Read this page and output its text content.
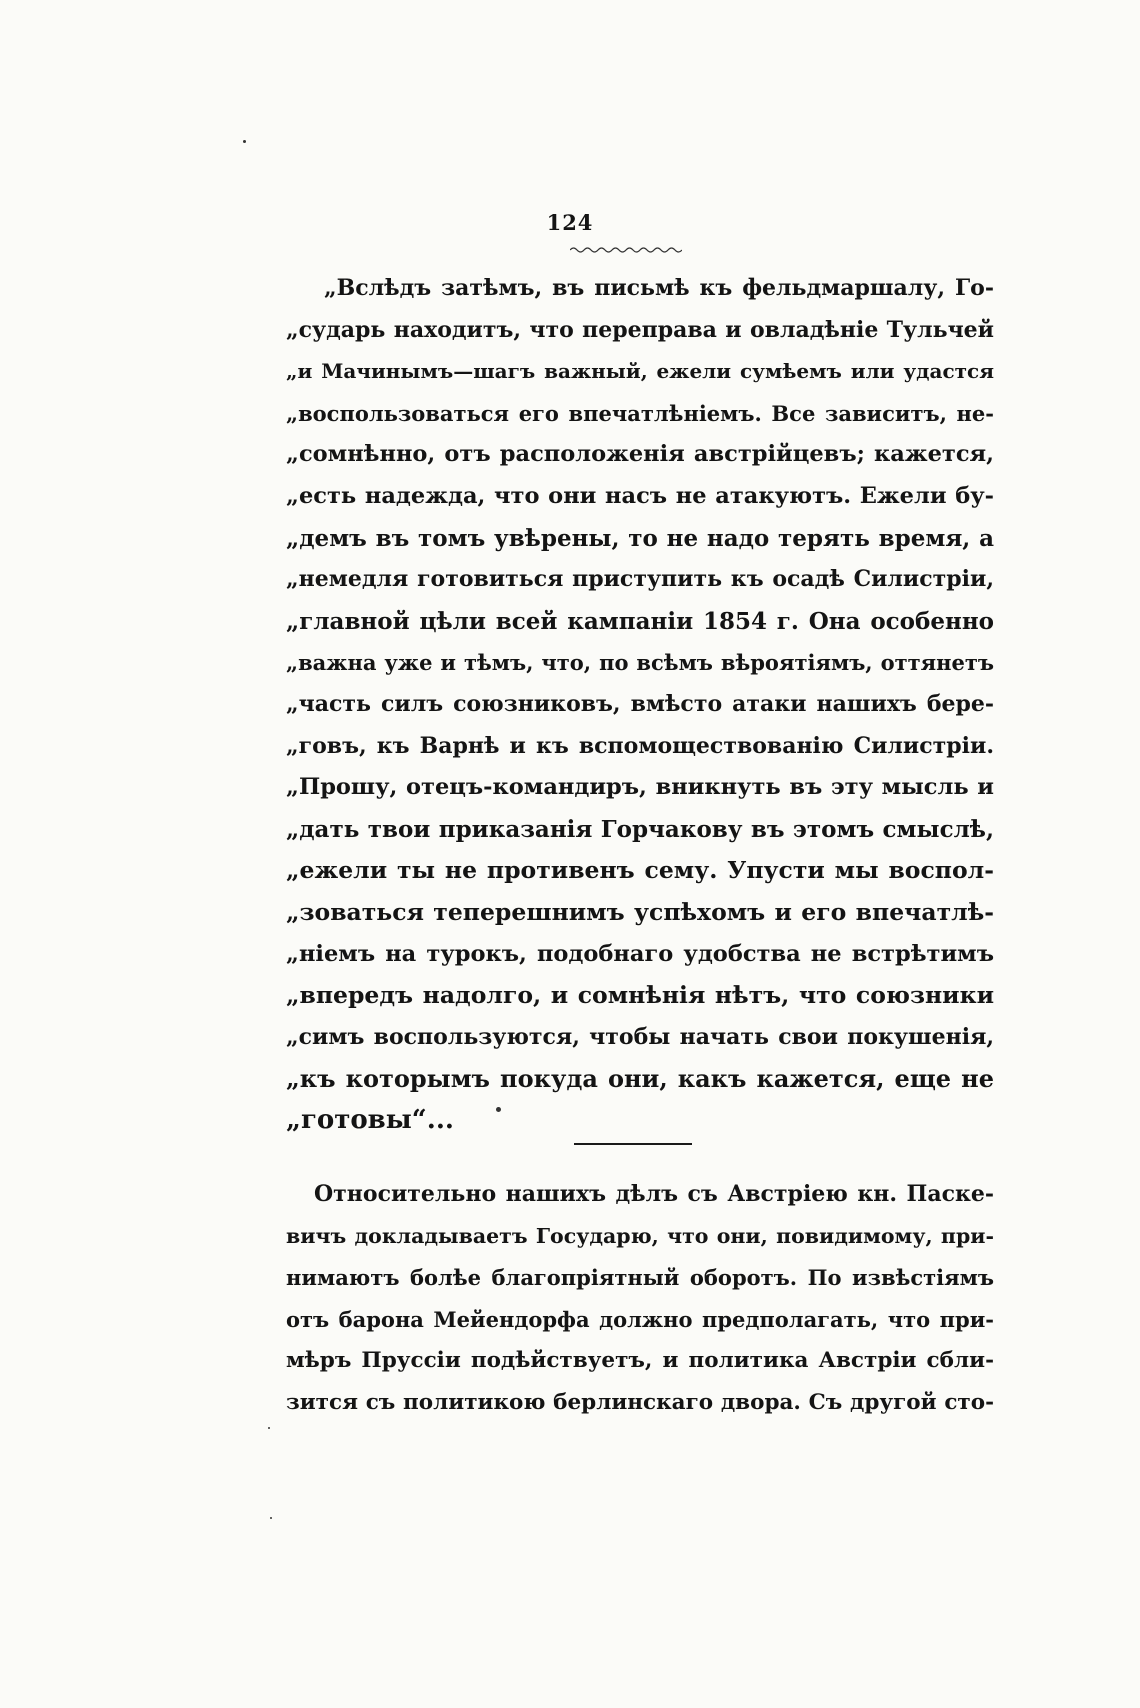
124
„Вслѣдъ затѣмъ, въ письмѣ къ фельдмаршалу, Го-
„сударь находитъ, что переправа и овладѣніе Тульчей
„и Мачинымъ—шагъ важный, ежели сумѣемъ или удастся
„воспользоваться его впечатлѣніемъ. Все зависитъ, не-
„сомнѣнно, отъ расположенія австрійцевъ; кажется,
„есть надежда, что они насъ не атакуютъ. Ежели бу-
„демъ въ томъ увѣрены, то не надо терять время, а
„немедля готовиться приступить къ осадѣ Силистріи,
„главной цѣли всей кампаніи 1854 г. Она особенно
„важна уже и тѣмъ, что, по всѣмъ вѣроятіямъ, оттянетъ
„часть силъ союзниковъ, вмѣсто атаки нашихъ бере-
„говъ, къ Варнѣ и къ вспомоществованію Силистріи.
„Прошу, отецъ-командиръ, вникнуть въ эту мысль и
„дать твои приказанія Горчакову въ этомъ смыслѣ,
„ежели ты не противенъ сему. Упусти мы воспол-
„зоваться теперешнимъ успѣхомъ и его впечатлѣ-
„ніемъ на турокъ, подобнаго удобства не встрѣтимъ
„впередъ надолго, и сомнѣнія нѣтъ, что союзники
„симъ воспользуются, чтобы начать свои покушенія,
„къ которымъ покуда они, какъ кажется, еще не
„готовы“...
Относительно нашихъ дѣлъ съ Австріею кн. Паске-
вичъ докладываетъ Государю, что они, повидимому, при-
нимаютъ болѣе благопріятный оборотъ. По извѣстіямъ
отъ барона Мейендорфа должно предполагать, что при-
мѣръ Пруссіи подѣйствуетъ, и политика Австріи сбли-
зится съ политикою берлинскаго двора. Съ другой сто-
